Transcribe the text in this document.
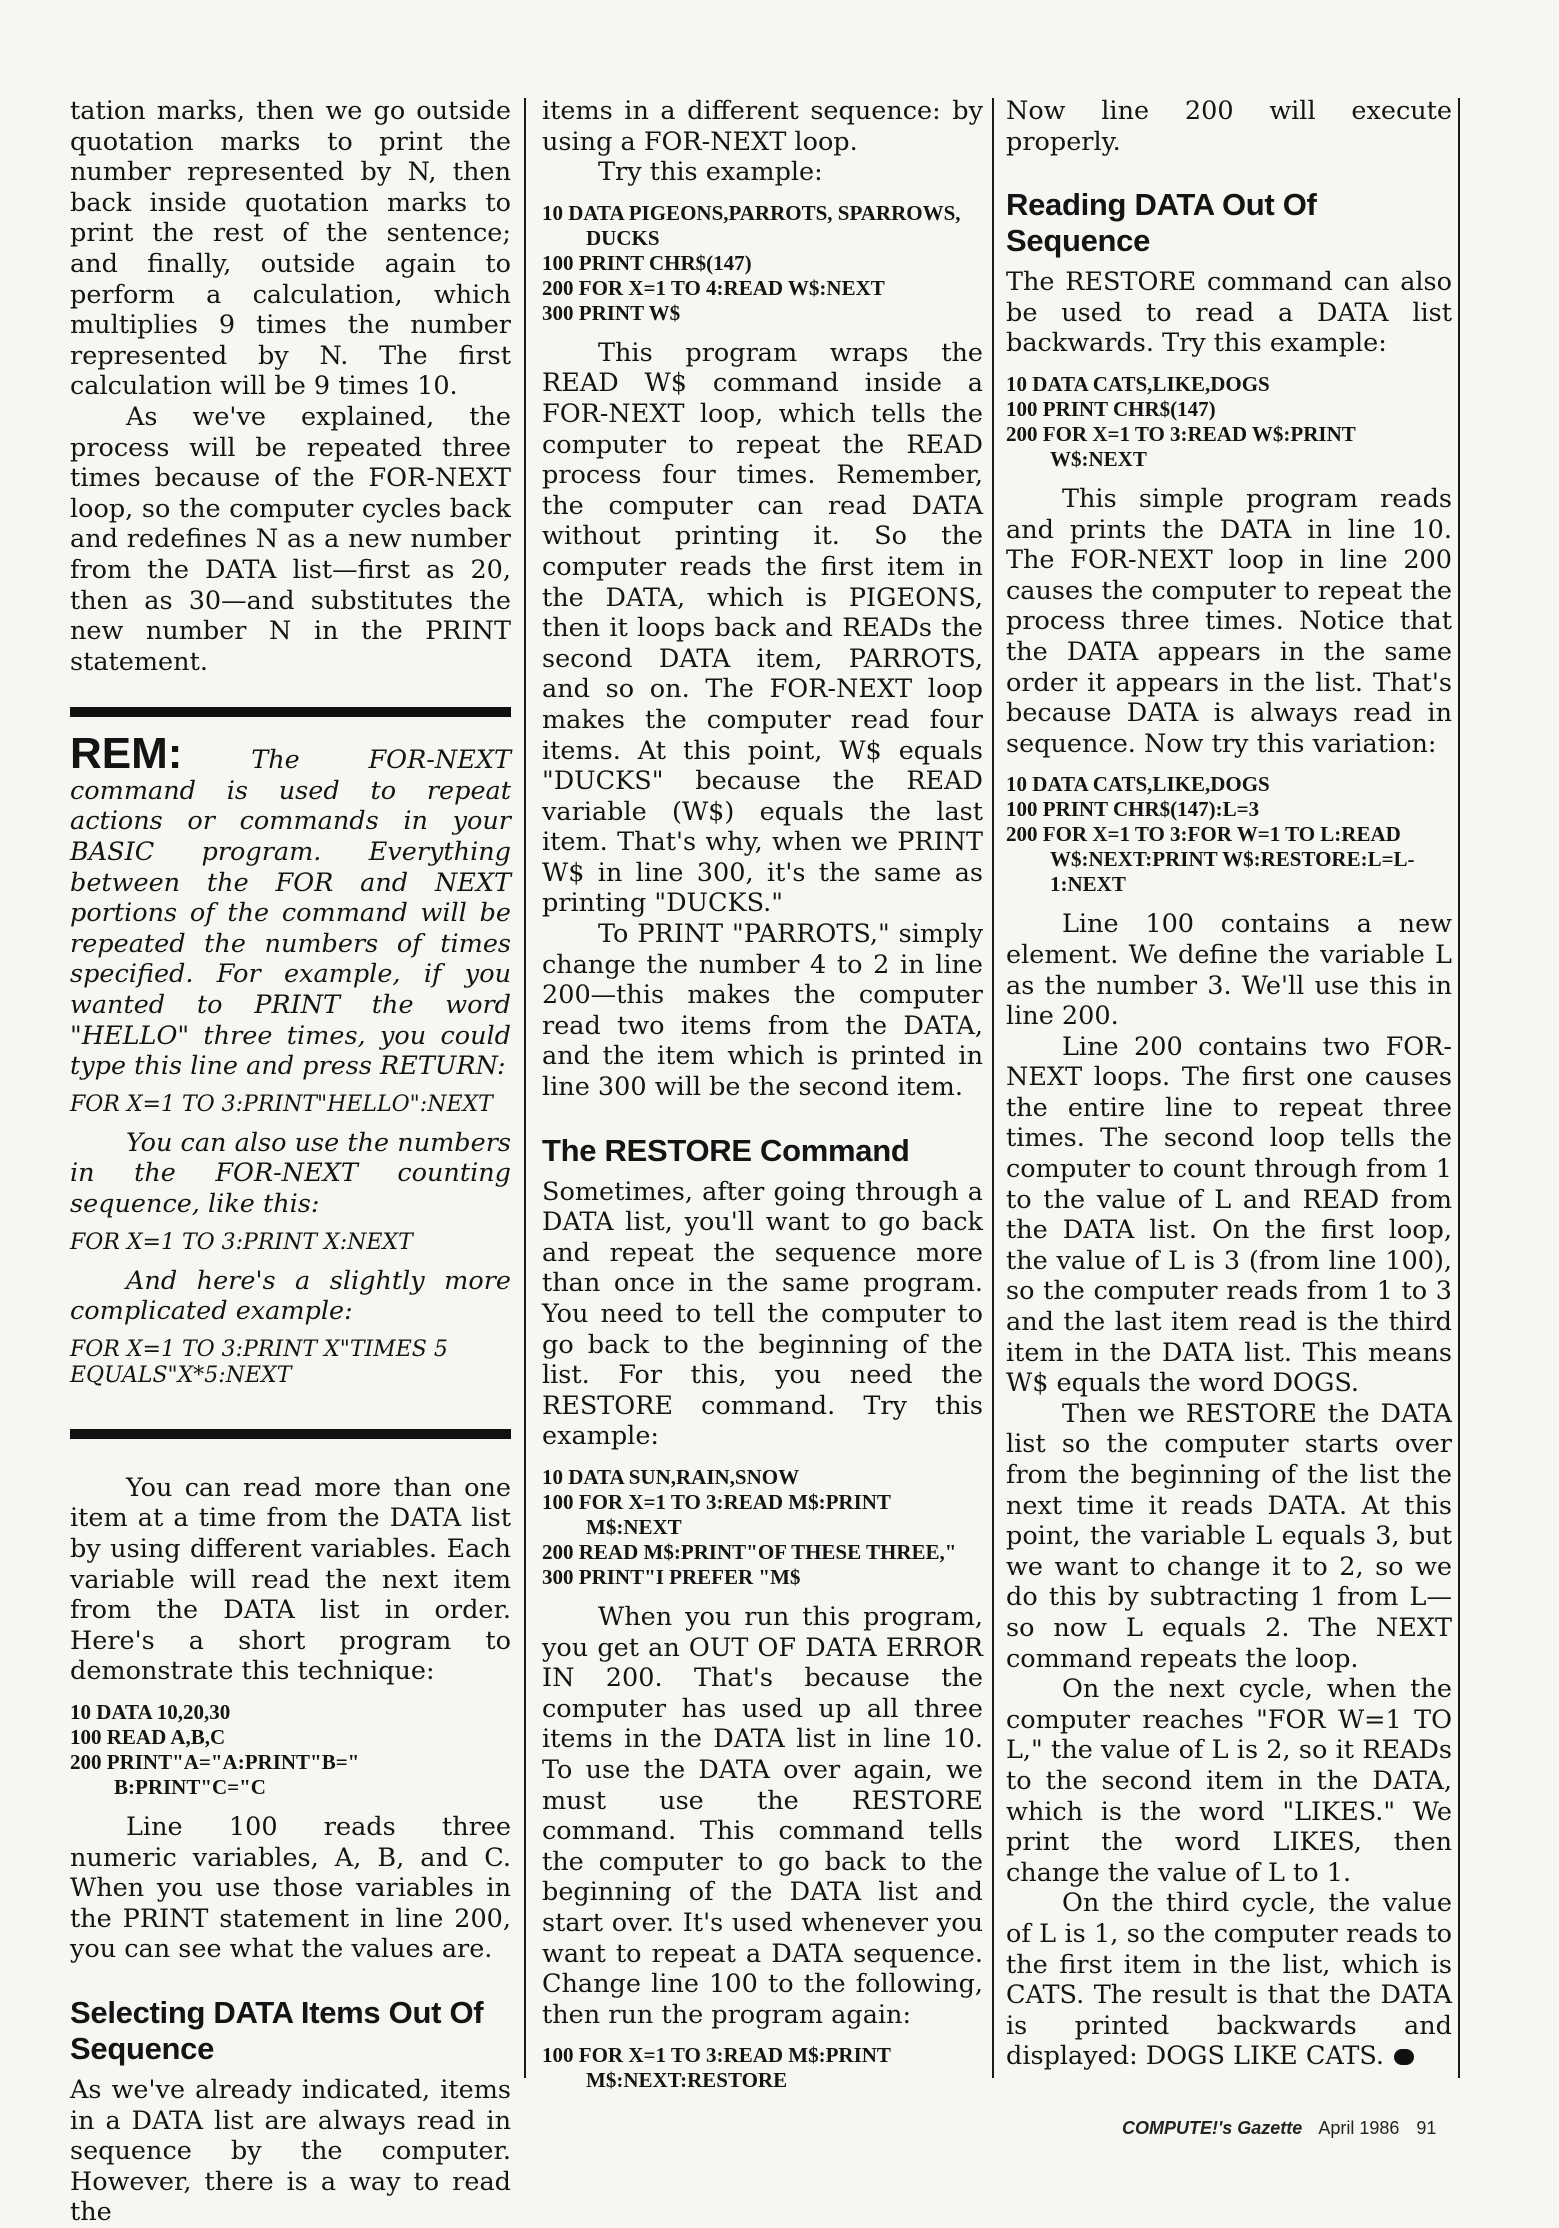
tation marks, then we go outside quotation marks to print the number represented by N, then back inside quotation marks to print the rest of the sentence; and finally, outside again to perform a calculation, which multiplies 9 times the number represented by N. The first calculation will be 9 times 10.

As we've explained, the process will be repeated three times because of the FOR-NEXT loop, so the computer cycles back and redefines N as a new number from the DATA list—first as 20, then as 30—and substitutes the new number N in the PRINT statement.

REM:	The FOR-NEXT command is used to repeat actions or commands in your BASIC program. Everything between the FOR and NEXT portions of the command will be repeated the numbers of times specified. For example, if you wanted to PRINT the word "HELLO" three times, you could type this line and press RETURN:

FOR X=1 TO 3:PRINT"HELLO":NEXT

You can also use the numbers in the FOR-NEXT counting sequence, like this:

FOR X=1 TO 3:PRINT X:NEXT

And here's a slightly more complicated example:

FOR X=1 TO 3:PRINT X"TIMES 5
EQUALS"X*5:NEXT

You can read more than one item at a time from the DATA list by using different variables. Each variable will read the next item from the DATA list in order. Here's a short program to demonstrate this technique:

10 DATA 10,20,30
100 READ A,B,C
200 PRINT"A="A:PRINT"B=" B:PRINT"C="C

Line 100 reads three numeric variables, A, B, and C. When you use those variables in the PRINT statement in line 200, you can see what the values are.

Selecting DATA Items Out Of Sequence

As we've already indicated, items in a DATA list are always read in sequence by the computer. However, there is a way to read the

items in a different sequence: by using a FOR-NEXT loop.

Try this example:

10 DATA PIGEONS,PARROTS, SPARROWS, DUCKS
100 PRINT CHR$(147)
200 FOR X=1 TO 4:READ W$:NEXT
300 PRINT W$

This program wraps the READ W$ command inside a FOR-NEXT loop, which tells the computer to repeat the READ process four times. Remember, the computer can read DATA without printing it. So the computer reads the first item in the DATA, which is PIGEONS, then it loops back and READs the second DATA item, PARROTS, and so on. The FOR-NEXT loop makes the computer read four items. At this point, W$ equals "DUCKS" because the READ variable (W$) equals the last item. That's why, when we PRINT W$ in line 300, it's the same as printing "DUCKS."

To PRINT "PARROTS," simply change the number 4 to 2 in line 200—this makes the computer read two items from the DATA, and the item which is printed in line 300 will be the second item.

The RESTORE Command

Sometimes, after going through a DATA list, you'll want to go back and repeat the sequence more than once in the same program. You need to tell the computer to go back to the beginning of the list. For this, you need the RESTORE command. Try this example:

10 DATA SUN,RAIN,SNOW
100 FOR X=1 TO 3:READ M$:PRINT M$:NEXT
200 READ M$:PRINT"OF THESE THREE,"
300 PRINT"I PREFER "M$

When you run this program, you get an OUT OF DATA ERROR IN 200. That's because the computer has used up all three items in the DATA list in line 10. To use the DATA over again, we must use the RESTORE command. This command tells the computer to go back to the beginning of the DATA list and start over. It's used whenever you want to repeat a DATA sequence. Change line 100 to the following, then run the program again:

100 FOR X=1 TO 3:READ M$:PRINT M$:NEXT:RESTORE

Now line 200 will execute properly.

Reading DATA Out Of Sequence

The RESTORE command can also be used to read a DATA list backwards. Try this example:

10 DATA CATS,LIKE,DOGS
100 PRINT CHR$(147)
200 FOR X=1 TO 3:READ W$:PRINT W$:NEXT

This simple program reads and prints the DATA in line 10. The FOR-NEXT loop in line 200 causes the computer to repeat the process three times. Notice that the DATA appears in the same order it appears in the list. That's because DATA is always read in sequence. Now try this variation:

10 DATA CATS,LIKE,DOGS
100 PRINT CHR$(147):L=3
200 FOR X=1 TO 3:FOR W=1 TO L:READ W$:NEXT:PRINT W$:RESTORE:L=L-1:NEXT

Line 100 contains a new element. We define the variable L as the number 3. We'll use this in line 200.

Line 200 contains two FOR-NEXT loops. The first one causes the entire line to repeat three times. The second loop tells the computer to count through from 1 to the value of L and READ from the DATA list. On the first loop, the value of L is 3 (from line 100), so the computer reads from 1 to 3 and the last item read is the third item in the DATA list. This means W$ equals the word DOGS.

Then we RESTORE the DATA list so the computer starts over from the beginning of the list the next time it reads DATA. At this point, the variable L equals 3, but we want to change it to 2, so we do this by subtracting 1 from L—so now L equals 2. The NEXT command repeats the loop.

On the next cycle, when the computer reaches "FOR W=1 TO L," the value of L is 2, so it READs to the second item in the DATA, which is the word "LIKES." We print the word LIKES, then change the value of L to 1.

On the third cycle, the value of L is 1, so the computer reads to the first item in the list, which is CATS. The result is that the DATA is printed backwards and displayed: DOGS LIKE CATS.

COMPUTE!'s Gazette April 1986 91
